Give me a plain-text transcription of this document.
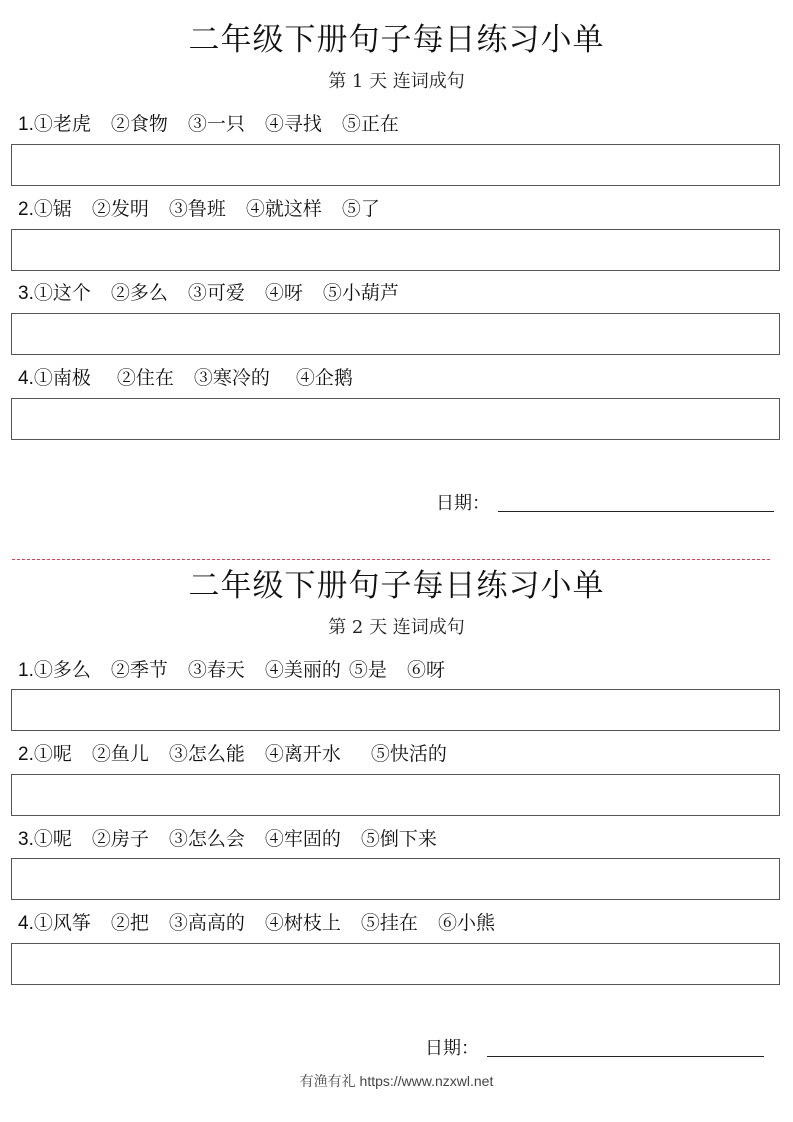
二年级下册句子每日练习小单
第 1 天 连词成句
1.①老虎 ②食物 ③一只 ④寻找 ⑤正在
2.①锯 ②发明 ③鲁班 ④就这样 ⑤了
3.①这个 ②多么 ③可爱 ④呀 ⑤小葫芦
4.①南极 ②住在 ③寒冷的 ④企鹅
日期：
二年级下册句子每日练习小单
第 2 天 连词成句
1.①多么 ②季节 ③春天 ④美丽的 ⑤是 ⑥呀
2.①呢 ②鱼儿 ③怎么能 ④离开水 ⑤快活的
3.①呢 ②房子 ③怎么会 ④牢固的 ⑤倒下来
4.①风筝 ②把 ③高高的 ④树枝上 ⑤挂在 ⑥小熊
日期：
有渔有礼 https://www.nzxwl.net
